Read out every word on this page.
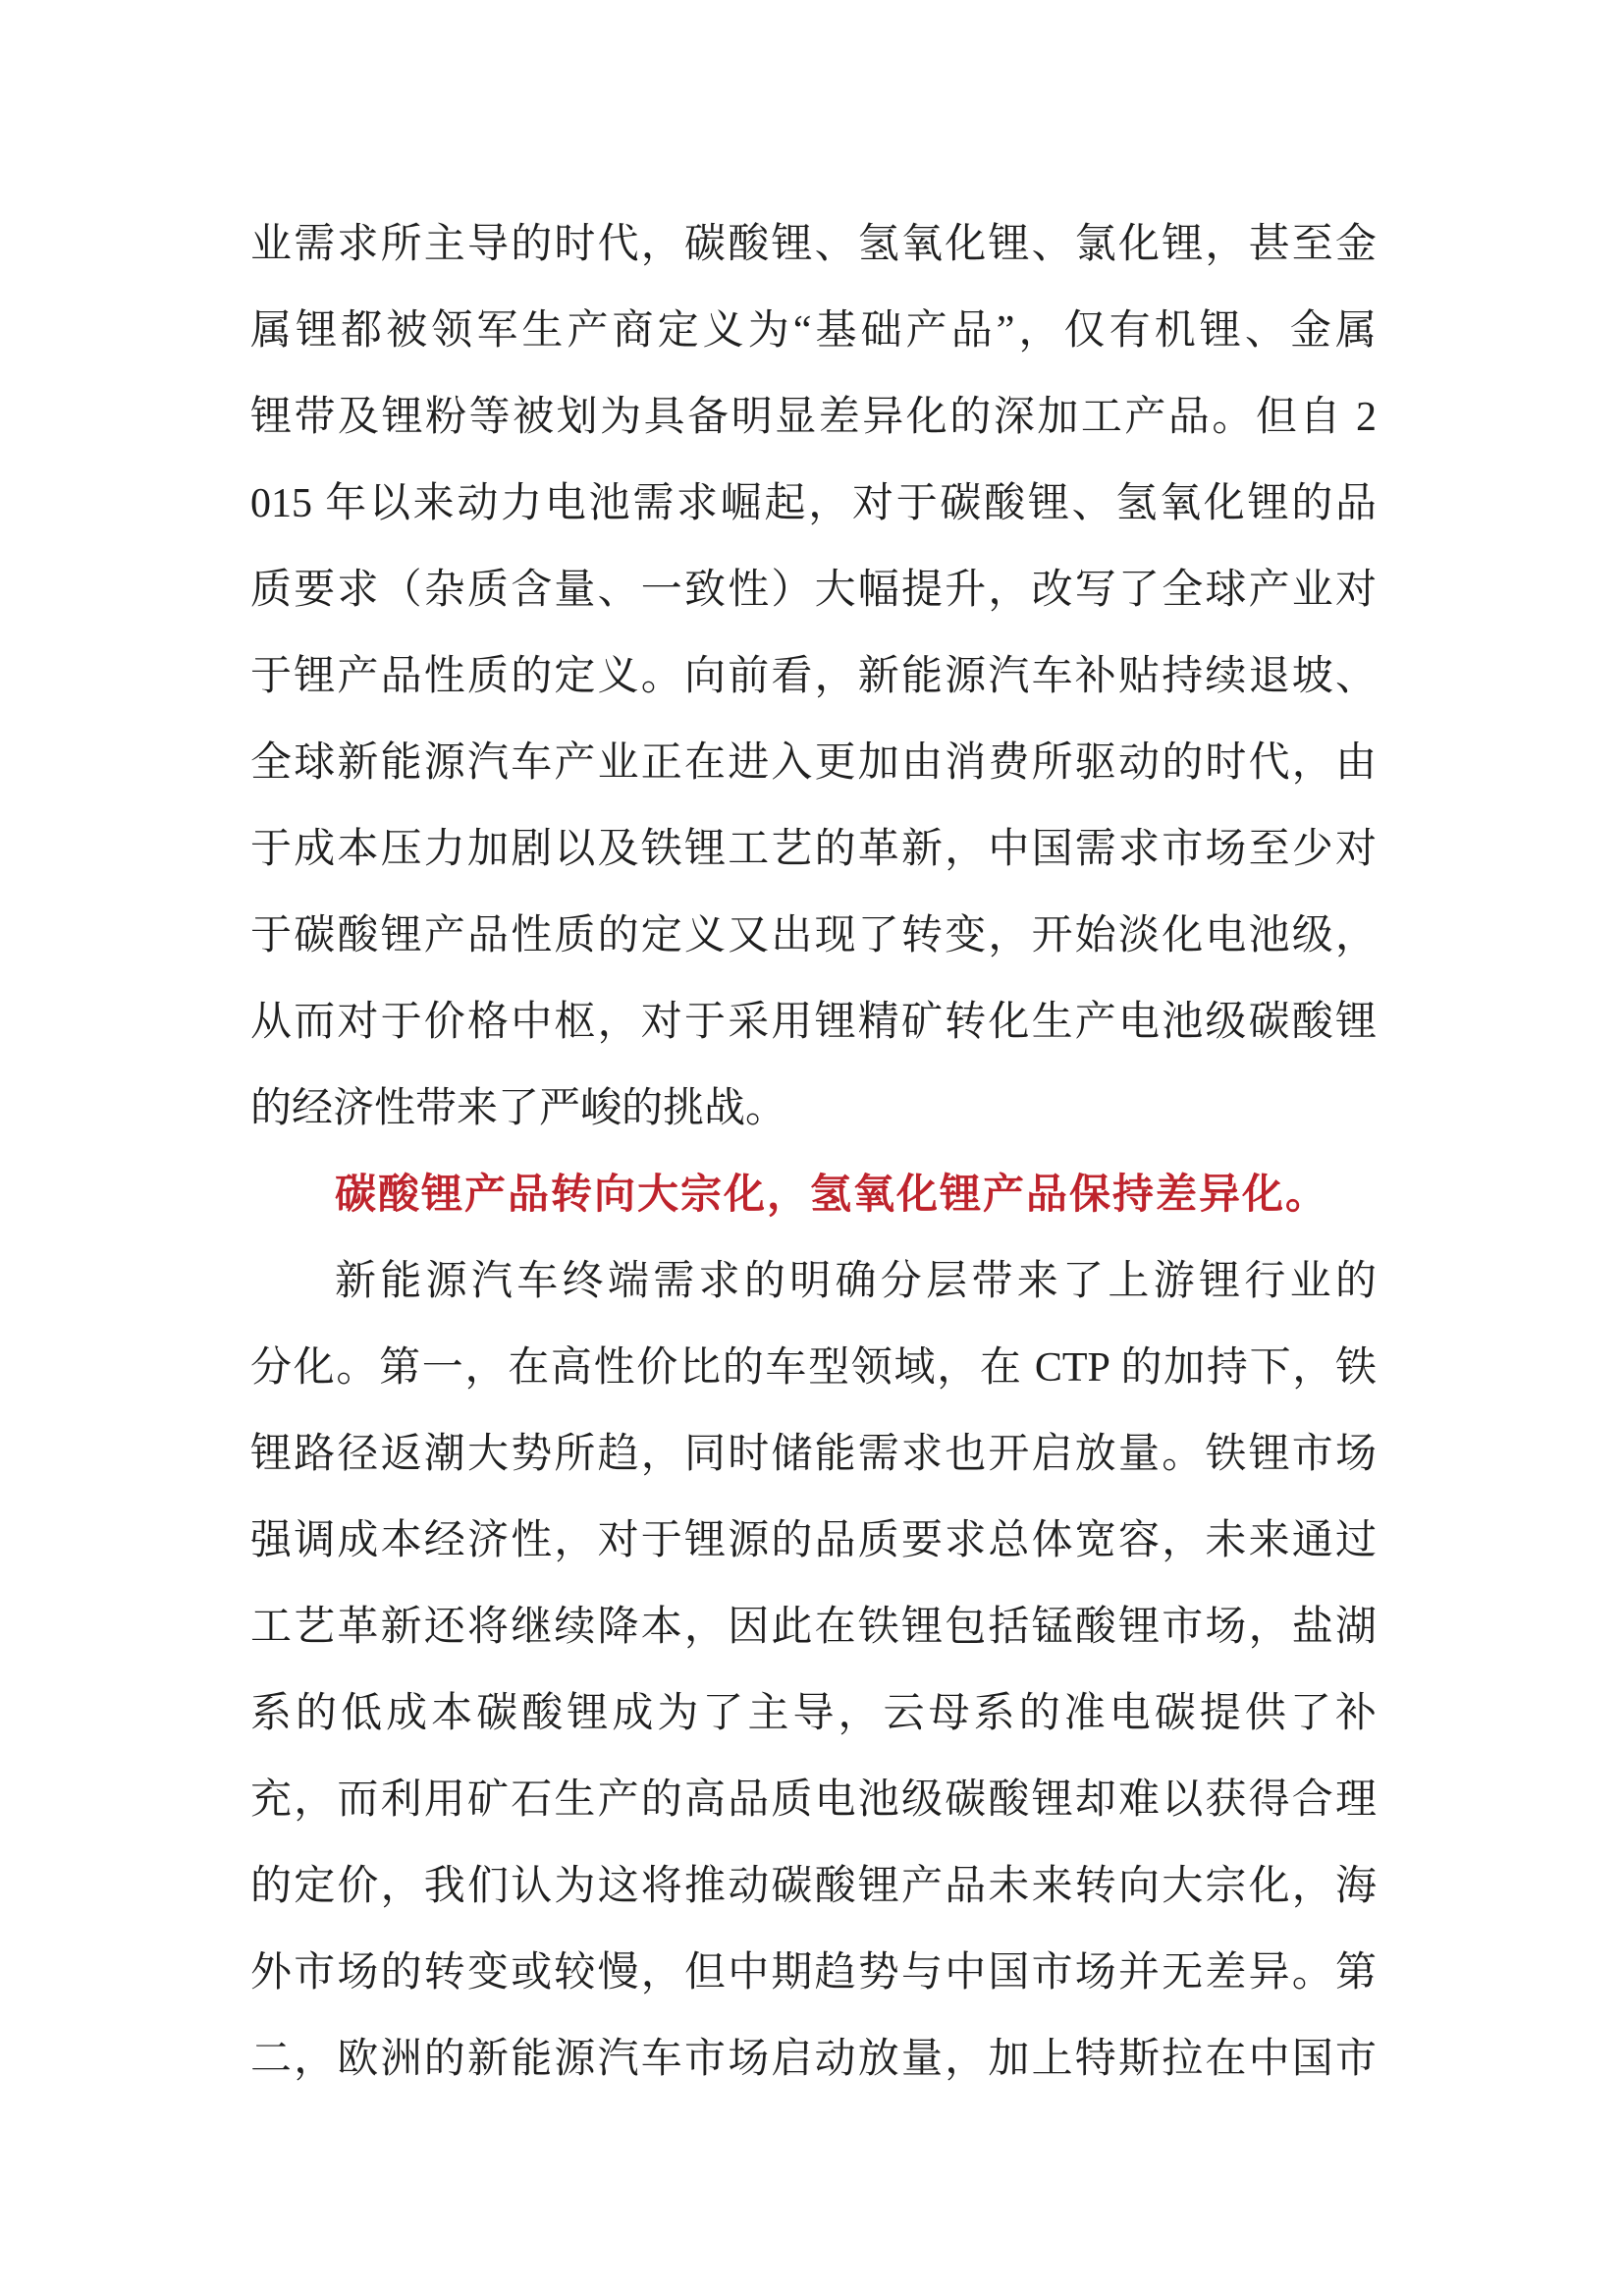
业需求所主导的时代，碳酸锂、氢氧化锂、氯化锂，甚至金
属锂都被领军生产商定义为“基础产品”，仅有机锂、金属
锂带及锂粉等被划为具备明显差异化的深加工产品。但自 2
015 年以来动力电池需求崛起，对于碳酸锂、氢氧化锂的品
质要求（杂质含量、一致性）大幅提升，改写了全球产业对
于锂产品性质的定义。向前看，新能源汽车补贴持续退坡、
全球新能源汽车产业正在进入更加由消费所驱动的时代，由
于成本压力加剧以及铁锂工艺的革新，中国需求市场至少对
于碳酸锂产品性质的定义又出现了转变，开始淡化电池级，
从而对于价格中枢，对于采用锂精矿转化生产电池级碳酸锂
的经济性带来了严峻的挑战。
碳酸锂产品转向大宗化，氢氧化锂产品保持差异化。
新能源汽车终端需求的明确分层带来了上游锂行业的
分化。第一，在高性价比的车型领域，在 CTP 的加持下，铁
锂路径返潮大势所趋，同时储能需求也开启放量。铁锂市场
强调成本经济性，对于锂源的品质要求总体宽容，未来通过
工艺革新还将继续降本，因此在铁锂包括锰酸锂市场，盐湖
系的低成本碳酸锂成为了主导，云母系的准电碳提供了补
充，而利用矿石生产的高品质电池级碳酸锂却难以获得合理
的定价，我们认为这将推动碳酸锂产品未来转向大宗化，海
外市场的转变或较慢，但中期趋势与中国市场并无差异。第
二，欧洲的新能源汽车市场启动放量，加上特斯拉在中国市
